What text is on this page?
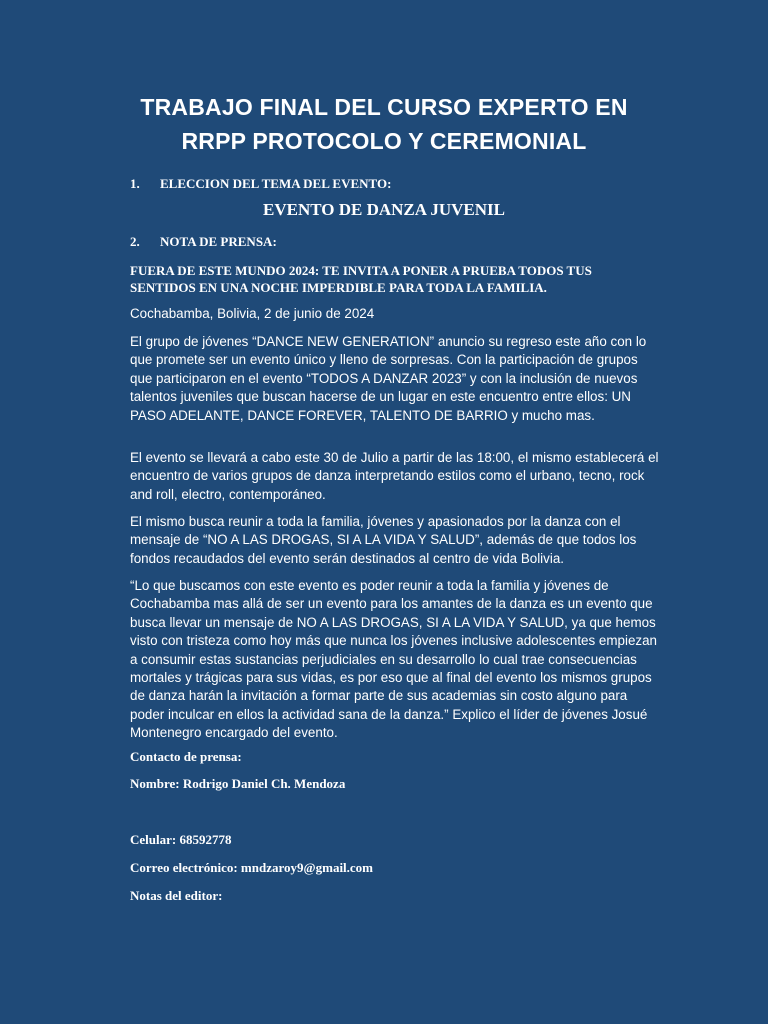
TRABAJO FINAL DEL CURSO EXPERTO EN
RRPP PROTOCOLO Y CEREMONIAL
1.	ELECCION DEL TEMA DEL EVENTO:
EVENTO DE DANZA JUVENIL
2.	NOTA DE PRENSA:
FUERA DE ESTE MUNDO 2024: TE INVITA A PONER A PRUEBA TODOS TUS SENTIDOS EN UNA NOCHE IMPERDIBLE PARA TODA LA FAMILIA.
Cochabamba, Bolivia, 2 de junio de 2024
El grupo de jóvenes “DANCE NEW GENERATION” anuncio su regreso este año con lo que promete ser un evento único y lleno de sorpresas. Con la participación de grupos que participaron en el evento “TODOS A DANZAR 2023” y con la inclusión de nuevos talentos juveniles que buscan hacerse de un lugar en este encuentro entre ellos: UN PASO ADELANTE, DANCE FOREVER, TALENTO DE BARRIO y mucho mas.
El evento se llevará a cabo este 30 de Julio a partir de las 18:00, el mismo establecerá el encuentro de varios grupos de danza interpretando estilos como el urbano, tecno, rock and roll, electro, contemporáneo.
El mismo busca reunir a toda la familia, jóvenes y apasionados por la danza con el mensaje de “NO A LAS DROGAS, SI A LA VIDA Y SALUD”, además de que todos los fondos recaudados del evento serán destinados al centro de vida Bolivia.
“Lo que buscamos con este evento es poder reunir a toda la familia y jóvenes de Cochabamba mas allá de ser un evento para los amantes de la danza es un evento que busca llevar un mensaje de NO A LAS DROGAS, SI A LA VIDA Y SALUD, ya que hemos visto con tristeza como hoy más que nunca los jóvenes inclusive adolescentes empiezan a consumir estas sustancias perjudiciales en su desarrollo lo cual trae consecuencias mortales y trágicas para sus vidas, es por eso que al final del evento los mismos grupos de danza harán la invitación a formar parte de sus academias sin costo alguno para poder inculcar en ellos la actividad sana de la danza.” Explico el líder de jóvenes Josué Montenegro encargado del evento.
Contacto de prensa:
Nombre: Rodrigo Daniel Ch. Mendoza
Celular: 68592778
Correo electrónico: mndzaroy9@gmail.com
Notas del editor:
